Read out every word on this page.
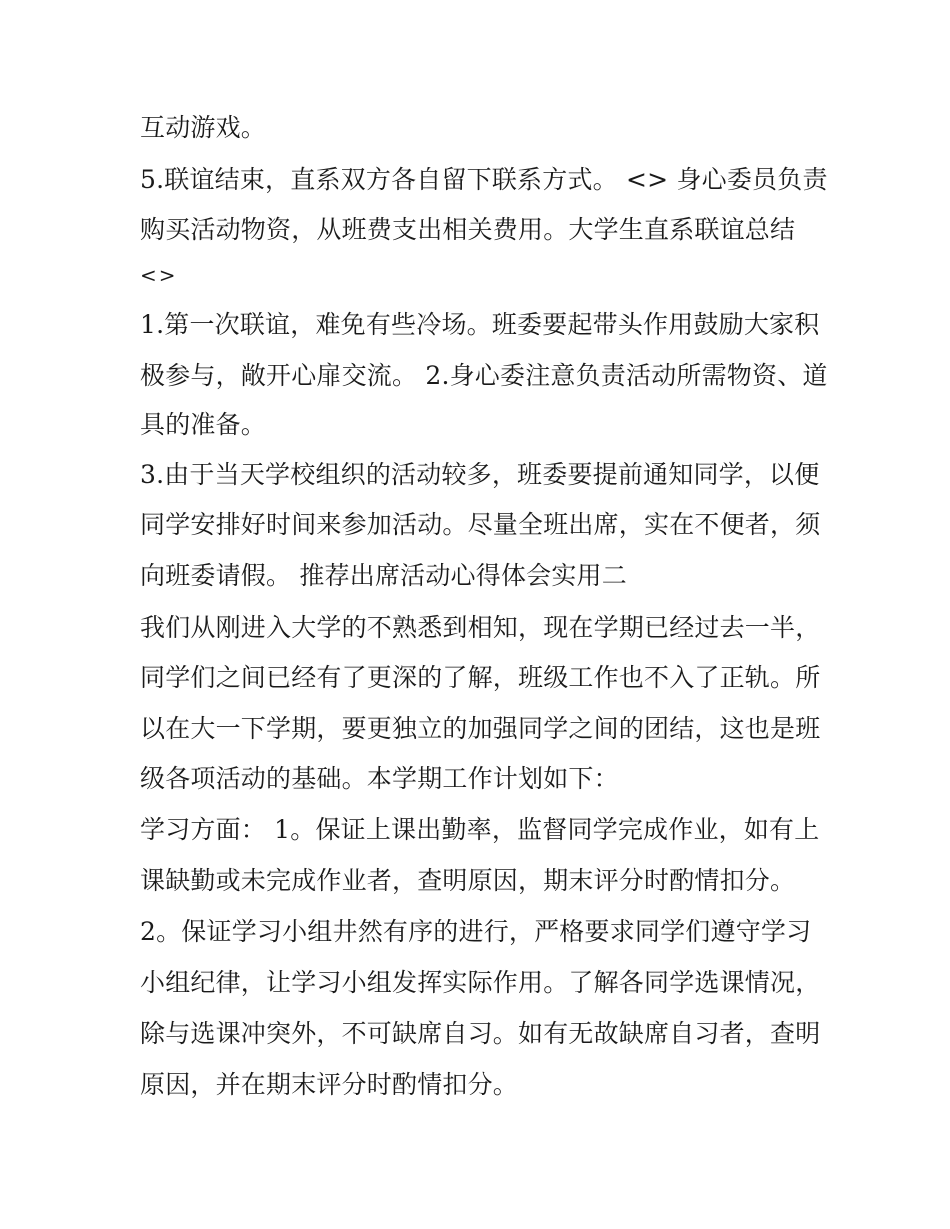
互动游戏。
5.联谊结束，直系双方各自留下联系方式。 <> 身心委员负责
购买活动物资，从班费支出相关费用。大学生直系联谊总结
<>
1.第一次联谊，难免有些冷场。班委要起带头作用鼓励大家积
极参与，敞开心扉交流。 2.身心委注意负责活动所需物资、道
具的准备。
3.由于当天学校组织的活动较多，班委要提前通知同学，以便
同学安排好时间来参加活动。尽量全班出席，实在不便者，须
向班委请假。 推荐出席活动心得体会实用二
我们从刚进入大学的不熟悉到相知，现在学期已经过去一半，
同学们之间已经有了更深的了解，班级工作也不入了正轨。所
以在大一下学期，要更独立的加强同学之间的团结，这也是班
级各项活动的基础。本学期工作计划如下：
学习方面： 1。保证上课出勤率，监督同学完成作业，如有上
课缺勤或未完成作业者，查明原因，期末评分时酌情扣分。
2。保证学习小组井然有序的进行，严格要求同学们遵守学习
小组纪律，让学习小组发挥实际作用。了解各同学选课情况，
除与选课冲突外，不可缺席自习。如有无故缺席自习者，查明
原因，并在期末评分时酌情扣分。
